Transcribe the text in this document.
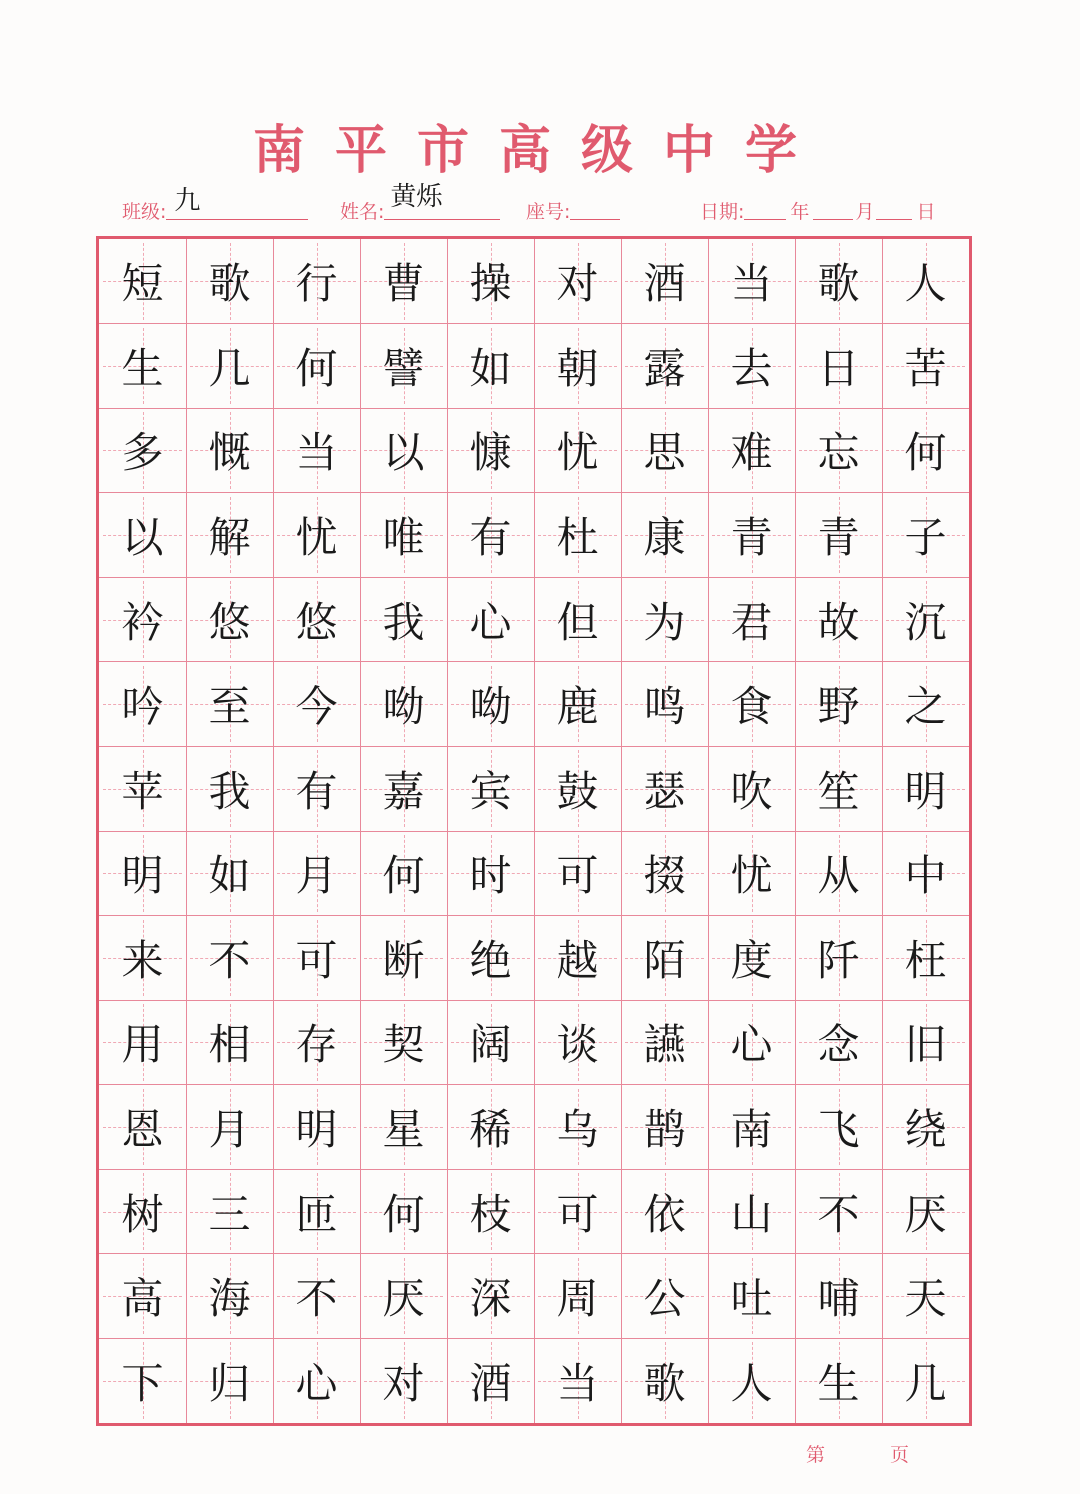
南平市高级中学
班级: 九	姓名: 黄烁	座号:	日期: 年 月 日
短 歌 行 曹 操 对 酒 当 歌 人
生 几 何 譬 如 朝 露 去 日 苦
多 慨 当 以 慷 忧 思 难 忘 何
以 解 忧 唯 有 杜 康 青 青 子
衿 悠 悠 我 心 但 为 君 故 沉
吟 至 今 呦 呦 鹿 鸣 食 野 之
苹 我 有 嘉 宾 鼓 瑟 吹 笙 明
明 如 月 何 时 可 掇 忧 从 中
来 不 可 断 绝 越 陌 度 阡 枉
用 相 存 契 阔 谈 讌 心 念 旧
恩 月 明 星 稀 乌 鹊 南 飞 绕
树 三 匝 何 枝 可 依 山 不 厌
高 海 不 厌 深 周 公 吐 哺 天
下 归 心 对 酒 当 歌 人 生 几
第	页
